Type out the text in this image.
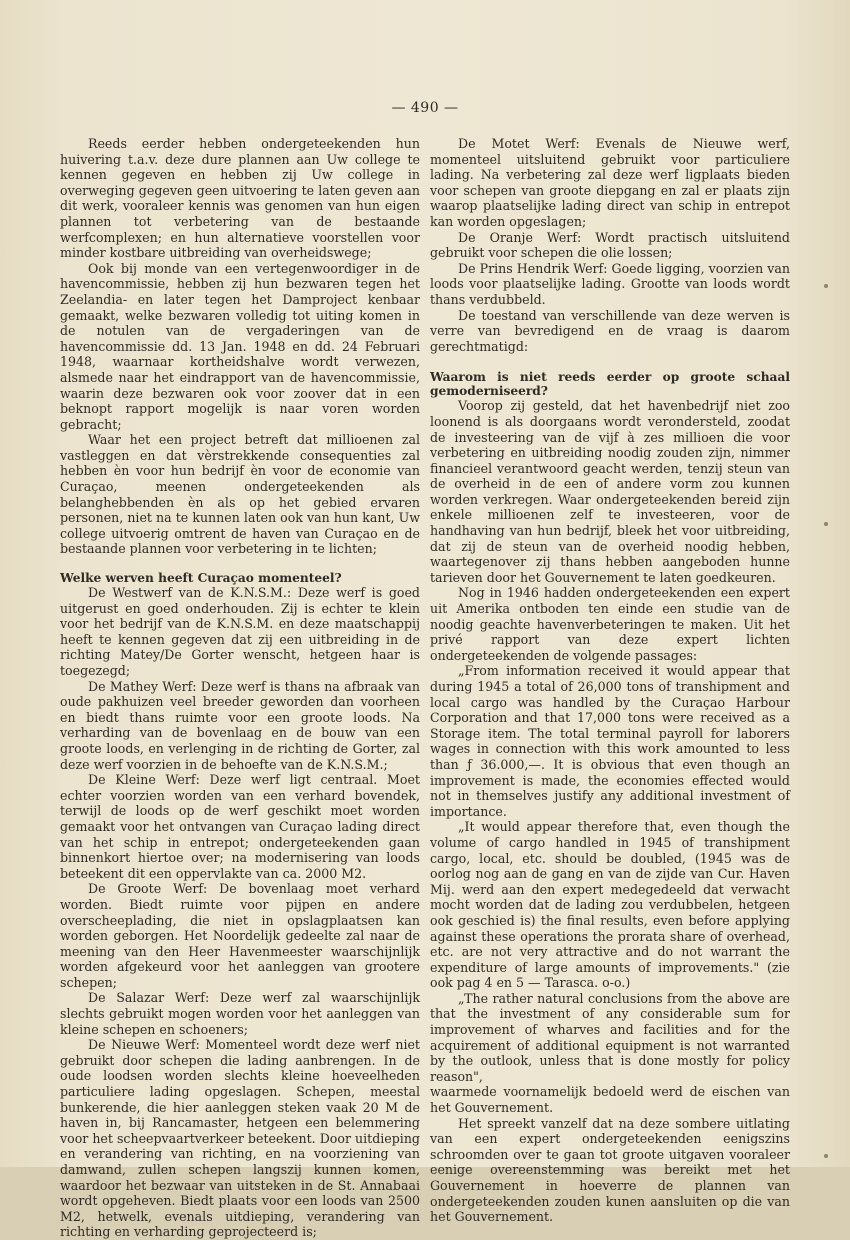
— 490 —

Reeds eerder hebben ondergeteekenden hun huivering t.a.v. deze dure plannen aan Uw college te kennen gegeven en hebben zij Uw college in overweging gegeven geen uitvoering te laten geven aan dit werk, vooraleer kennis was genomen van hun eigen plannen tot verbetering van de bestaande werfcomplexen; en hun alternatieve voorstellen voor minder kostbare uitbreiding van overheidswege;

Ook bij monde van een vertegenwoordiger in de havencommissie, hebben zij hun bezwaren tegen het Zeelandia- en later tegen het Damproject kenbaar gemaakt, welke bezwaren volledig tot uiting komen in de notulen van de vergaderingen van de havencommissie dd. 13 Jan. 1948 en dd. 24 Februari 1948, waarnaar kortheidshalve wordt verwezen, alsmede naar het eindrapport van de havencommissie, waarin deze bezwaren ook voor zoover dat in een beknopt rapport mogelijk is naar voren worden gebracht;

Waar het een project betreft dat millioenen zal vastleggen en dat vèrstrekkende consequenties zal hebben èn voor hun bedrijf èn voor de economie van Curaçao, meenen ondergeteekenden als belanghebbenden èn als op het gebied ervaren personen, niet na te kunnen laten ook van hun kant, Uw college uitvoerig omtrent de haven van Curaçao en de bestaande plannen voor verbetering in te lichten;

Welke werven heeft Curaçao momenteel?

De Westwerf van de K.N.S.M.: Deze werf is goed uitgerust en goed onderhouden. Zij is echter te klein voor het bedrijf van de K.N.S.M. en deze maatschappij heeft te kennen gegeven dat zij een uitbreiding in de richting Matey/De Gorter wenscht, hetgeen haar is toegezegd;

De Mathey Werf: Deze werf is thans na afbraak van oude pakhuizen veel breeder geworden dan voorheen en biedt thans ruimte voor een groote loods. Na verharding van de bovenlaag en de bouw van een groote loods, en verlenging in de richting de Gorter, zal deze werf voorzien in de behoefte van de K.N.S.M.;

De Kleine Werf: Deze werf ligt centraal. Moet echter voorzien worden van een verhard bovendek, terwijl de loods op de werf geschikt moet worden gemaakt voor het ontvangen van Curaçao lading direct van het schip in entrepot; ondergeteekenden gaan binnenkort hiertoe over; na modernisering van loods beteekent dit een oppervlakte van ca. 2000 M2.

De Groote Werf: De bovenlaag moet verhard worden. Biedt ruimte voor pijpen en andere overscheeplading, die niet in opslagplaatsen kan worden geborgen. Het Noordelijk gedeelte zal naar de meening van den Heer Havenmeester waarschijnlijk worden afgekeurd voor het aanleggen van grootere schepen;

De Salazar Werf: Deze werf zal waarschijnlijk slechts gebruikt mogen worden voor het aanleggen van kleine schepen en schoeners;

De Nieuwe Werf: Momenteel wordt deze werf niet gebruikt door schepen die lading aanbrengen. In de oude loodsen worden slechts kleine hoeveelheden particuliere lading opgeslagen. Schepen, meestal bunkerende, die hier aanleggen steken vaak 20 M de haven in, bij Rancamaster, hetgeen een belemmering voor het scheepvaartverkeer beteekent. Door uitdieping en verandering van richting, en na voorziening van damwand, zullen schepen langszij kunnen komen, waardoor het bezwaar van uitsteken in de St. Annabaai wordt opgeheven. Biedt plaats voor een loods van 2500 M2, hetwelk, evenals uitdieping, verandering van richting en verharding geprojecteerd is;

De Motet Werf: Evenals de Nieuwe werf, momenteel uitsluitend gebruikt voor particuliere lading. Na verbetering zal deze werf ligplaats bieden voor schepen van groote diepgang en zal er plaats zijn waarop plaatselijke lading direct van schip in entrepot kan worden opgeslagen;

De Oranje Werf: Wordt practisch uitsluitend gebruikt voor schepen die olie lossen;

De Prins Hendrik Werf: Goede ligging, voorzien van loods voor plaatselijke lading. Grootte van loods wordt thans verdubbeld.

De toestand van verschillende van deze werven is verre van bevredigend en de vraag is daarom gerechtmatigd:

Waarom is niet reeds eerder op groote schaal gemoderniseerd?

Voorop zij gesteld, dat het havenbedrijf niet zoo loonend is als doorgaans wordt verondersteld, zoodat de investeering van de vijf à zes millioen die voor verbetering en uitbreiding noodig zouden zijn, nimmer financieel verantwoord geacht werden, tenzij steun van de overheid in de een of andere vorm zou kunnen worden verkregen. Waar ondergeteekenden bereid zijn enkele millioenen zelf te investeeren, voor de handhaving van hun bedrijf, bleek het voor uitbreiding, dat zij de steun van de overheid noodig hebben, waartegenover zij thans hebben aangeboden hunne tarieven door het Gouvernement te laten goedkeuren.

Nog in 1946 hadden ondergeteekenden een expert uit Amerika ontboden ten einde een studie van de noodig geachte havenverbeteringen te maken. Uit het privé rapport van deze expert lichten ondergeteekenden de volgende passages:

„From information received it would appear that during 1945 a total of 26,000 tons of transhipment and local cargo was handled by the Curaçao Harbour Corporation and that 17,000 tons were received as a Storage item. The total terminal payroll for laborers wages in connection with this work amounted to less than ƒ 36.000,—. It is obvious that even though an improvement is made, the economies effected would not in themselves justify any additional investment of importance.

„It would appear therefore that, even though the volume of cargo handled in 1945 of transhipment cargo, local, etc. should be doubled, (1945 was de oorlog nog aan de gang en van de zijde van Cur. Haven Mij. werd aan den expert medegedeeld dat verwacht mocht worden dat de lading zou verdubbelen, hetgeen ook geschied is) the final results, even before applying against these operations the prorata share of overhead, etc. are not very attractive and do not warrant the expenditure of large amounts of improvements." (zie ook pag 4 en 5 — Tarasca. o-o.)

„The rather natural conclusions from the above are that the investment of any considerable sum for improvement of wharves and facilities and for the acquirement of additional equipment is not warranted by the outlook, unless that is done mostly for policy reason",

waarmede voornamelijk bedoeld werd de eischen van het Gouvernement.

Het spreekt vanzelf dat na deze sombere uitlating van een expert ondergeteekenden eenigszins schroomden over te gaan tot groote uitgaven vooraleer eenige overeenstemming was bereikt met het Gouvernement in hoeverre de plannen van ondergeteekenden zouden kunen aansluiten op die van het Gouvernement.
